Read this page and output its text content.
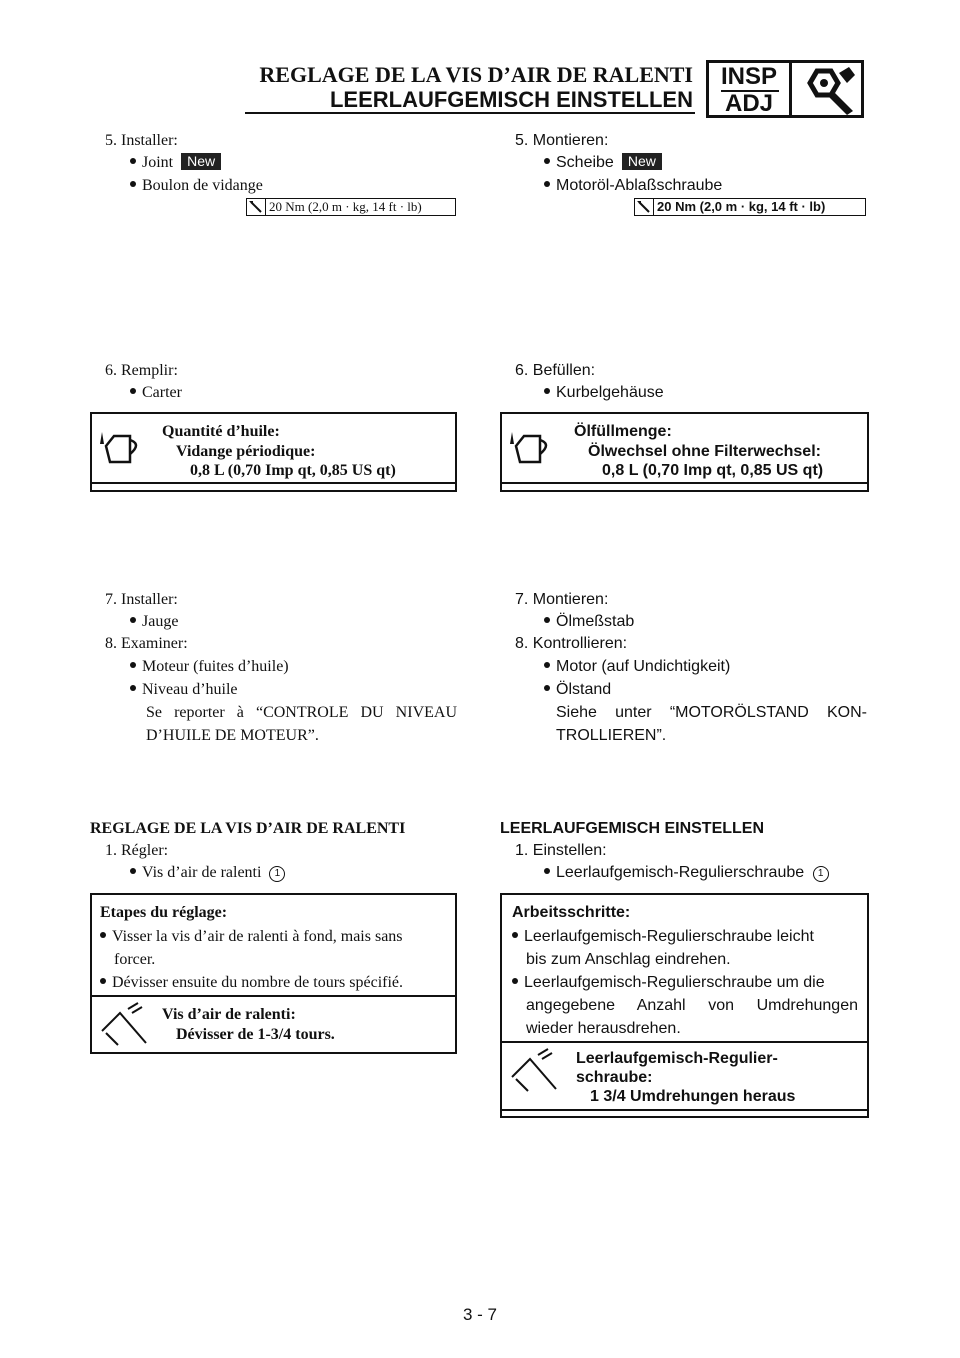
REGLAGE DE LA VIS D’AIR DE RALENTI
LEERLAUFGEMISCH EINSTELLEN
INSP
ADJ
5. Installer:
Joint New
Boulon de vidange
20 Nm (2,0 m · kg, 14 ft · lb)
6. Remplir:
Carter
Quantité d’huile:
Vidange périodique:
0,8 L (0,70 Imp qt, 0,85 US qt)
7. Installer:
Jauge
8. Examiner:
Moteur (fuites d’huile)
Niveau d’huile
Se reporter à “CONTROLE DU NIVEAU
D’HUILE DE MOTEUR”.
REGLAGE DE LA VIS D’AIR DE RALENTI
1. Régler:
Vis d’air de ralenti 1
Etapes du réglage:
Visser la vis d’air de ralenti à fond, mais sans
forcer.
Dévisser ensuite du nombre de tours spécifié.
Vis d’air de ralenti:
Dévisser de 1-3/4 tours.
5. Montieren:
Scheibe New
Motoröl-Ablaßschraube
20 Nm (2,0 m · kg, 14 ft · lb)
6. Befüllen:
Kurbelgehäuse
Ölfüllmenge:
Ölwechsel ohne Filterwechsel:
0,8 L (0,70 Imp qt, 0,85 US qt)
7. Montieren:
Ölmeßstab
8. Kontrollieren:
Motor (auf Undichtigkeit)
Ölstand
Siehe unter “MOTORÖLSTAND KON-
TROLLIEREN”.
LEERLAUFGEMISCH EINSTELLEN
1. Einstellen:
Leerlaufgemisch-Regulierschraube 1
Arbeitsschritte:
Leerlaufgemisch-Regulierschraube leicht
bis zum Anschlag eindrehen.
Leerlaufgemisch-Regulierschraube um die
angegebene Anzahl von Umdrehungen
wieder herausdrehen.
Leerlaufgemisch-Regulier-
schraube:
1 3/4 Umdrehungen heraus
3 - 7
